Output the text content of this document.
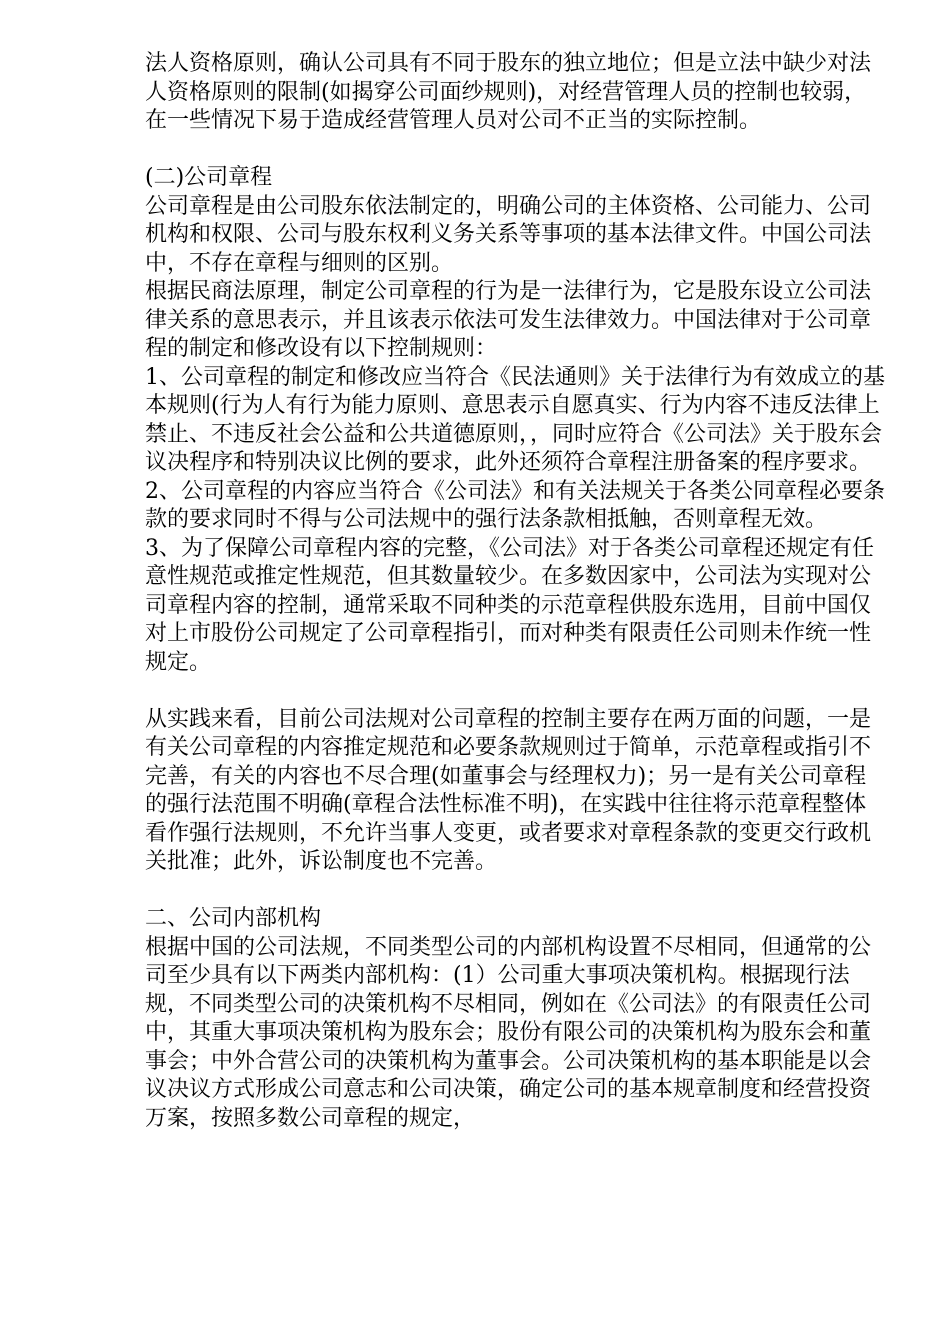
法人资格原则，确认公司具有不同于股东的独立地位；但是立法中缺少对法人资格原则的限制(如揭穿公司面纱规则)，对经营管理人员的控制也较弱，在一些情况下易于造成经营管理人员对公司不正当的实际控制。

(二)公司章程

公司章程是由公司股东依法制定的，明确公司的主体资格、公司能力、公司机构和权限、公司与股东权利义务关系等事项的基本法律文件。中国公司法中，不存在章程与细则的区别。

根据民商法原理，制定公司章程的行为是一法律行为，它是股东设立公司法律关系的意思表示，并且该表示依法可发生法律效力。中国法律对于公司章程的制定和修改设有以下控制规则：

1、公司章程的制定和修改应当符合《民法通则》关于法律行为有效成立的基本规则(行为人有行为能力原则、意思表示自愿真实、行为内容不违反法律上禁止、不违反社会公益和公共道德原则，，同时应符合《公司法》关于股东会议决程序和特别决议比例的要求，此外还须符合章程注册备案的程序要求。

2、公司章程的内容应当符合《公司法》和有关法规关于各类公同章程必要条款的要求同时不得与公司法规中的强行法条款相抵触，否则章程无效。

3、为了保障公司章程内容的完整，《公司法》对于各类公司章程还规定有任意性规范或推定性规范，但其数量较少。在多数因家中，公司法为实现对公司章程内容的控制，通常采取不同种类的示范章程供股东选用，目前中国仅对上市股份公司规定了公司章程指引，而对种类有限责任公司则未作统一性规定。

从实践来看，目前公司法规对公司章程的控制主要存在两万面的问题，一是有关公司章程的内容推定规范和必要条款规则过于简单，示范章程或指引不完善，有关的内容也不尽合理(如董事会与经理权力)；另一是有关公司章程的强行法范围不明确(章程合法性标准不明)，在实践中往往将示范章程整体看作强行法规则，不允许当事人变更，或者要求对章程条款的变更交行政机关批准；此外，诉讼制度也不完善。

二、公司内部机构

根据中国的公司法规，不同类型公司的内部机构设置不尽相同，但通常的公司至少具有以下两类内部机构：(1）公司重大事项决策机构。根据现行法规，不同类型公司的决策机构不尽相同，例如在《公司法》的有限责任公司中，其重大事项决策机构为股东会；股份有限公司的决策机构为股东会和董事会；中外合营公司的决策机构为董事会。公司决策机构的基本职能是以会议决议方式形成公司意志和公司决策，确定公司的基本规章制度和经营投资万案，按照多数公司章程的规定，
